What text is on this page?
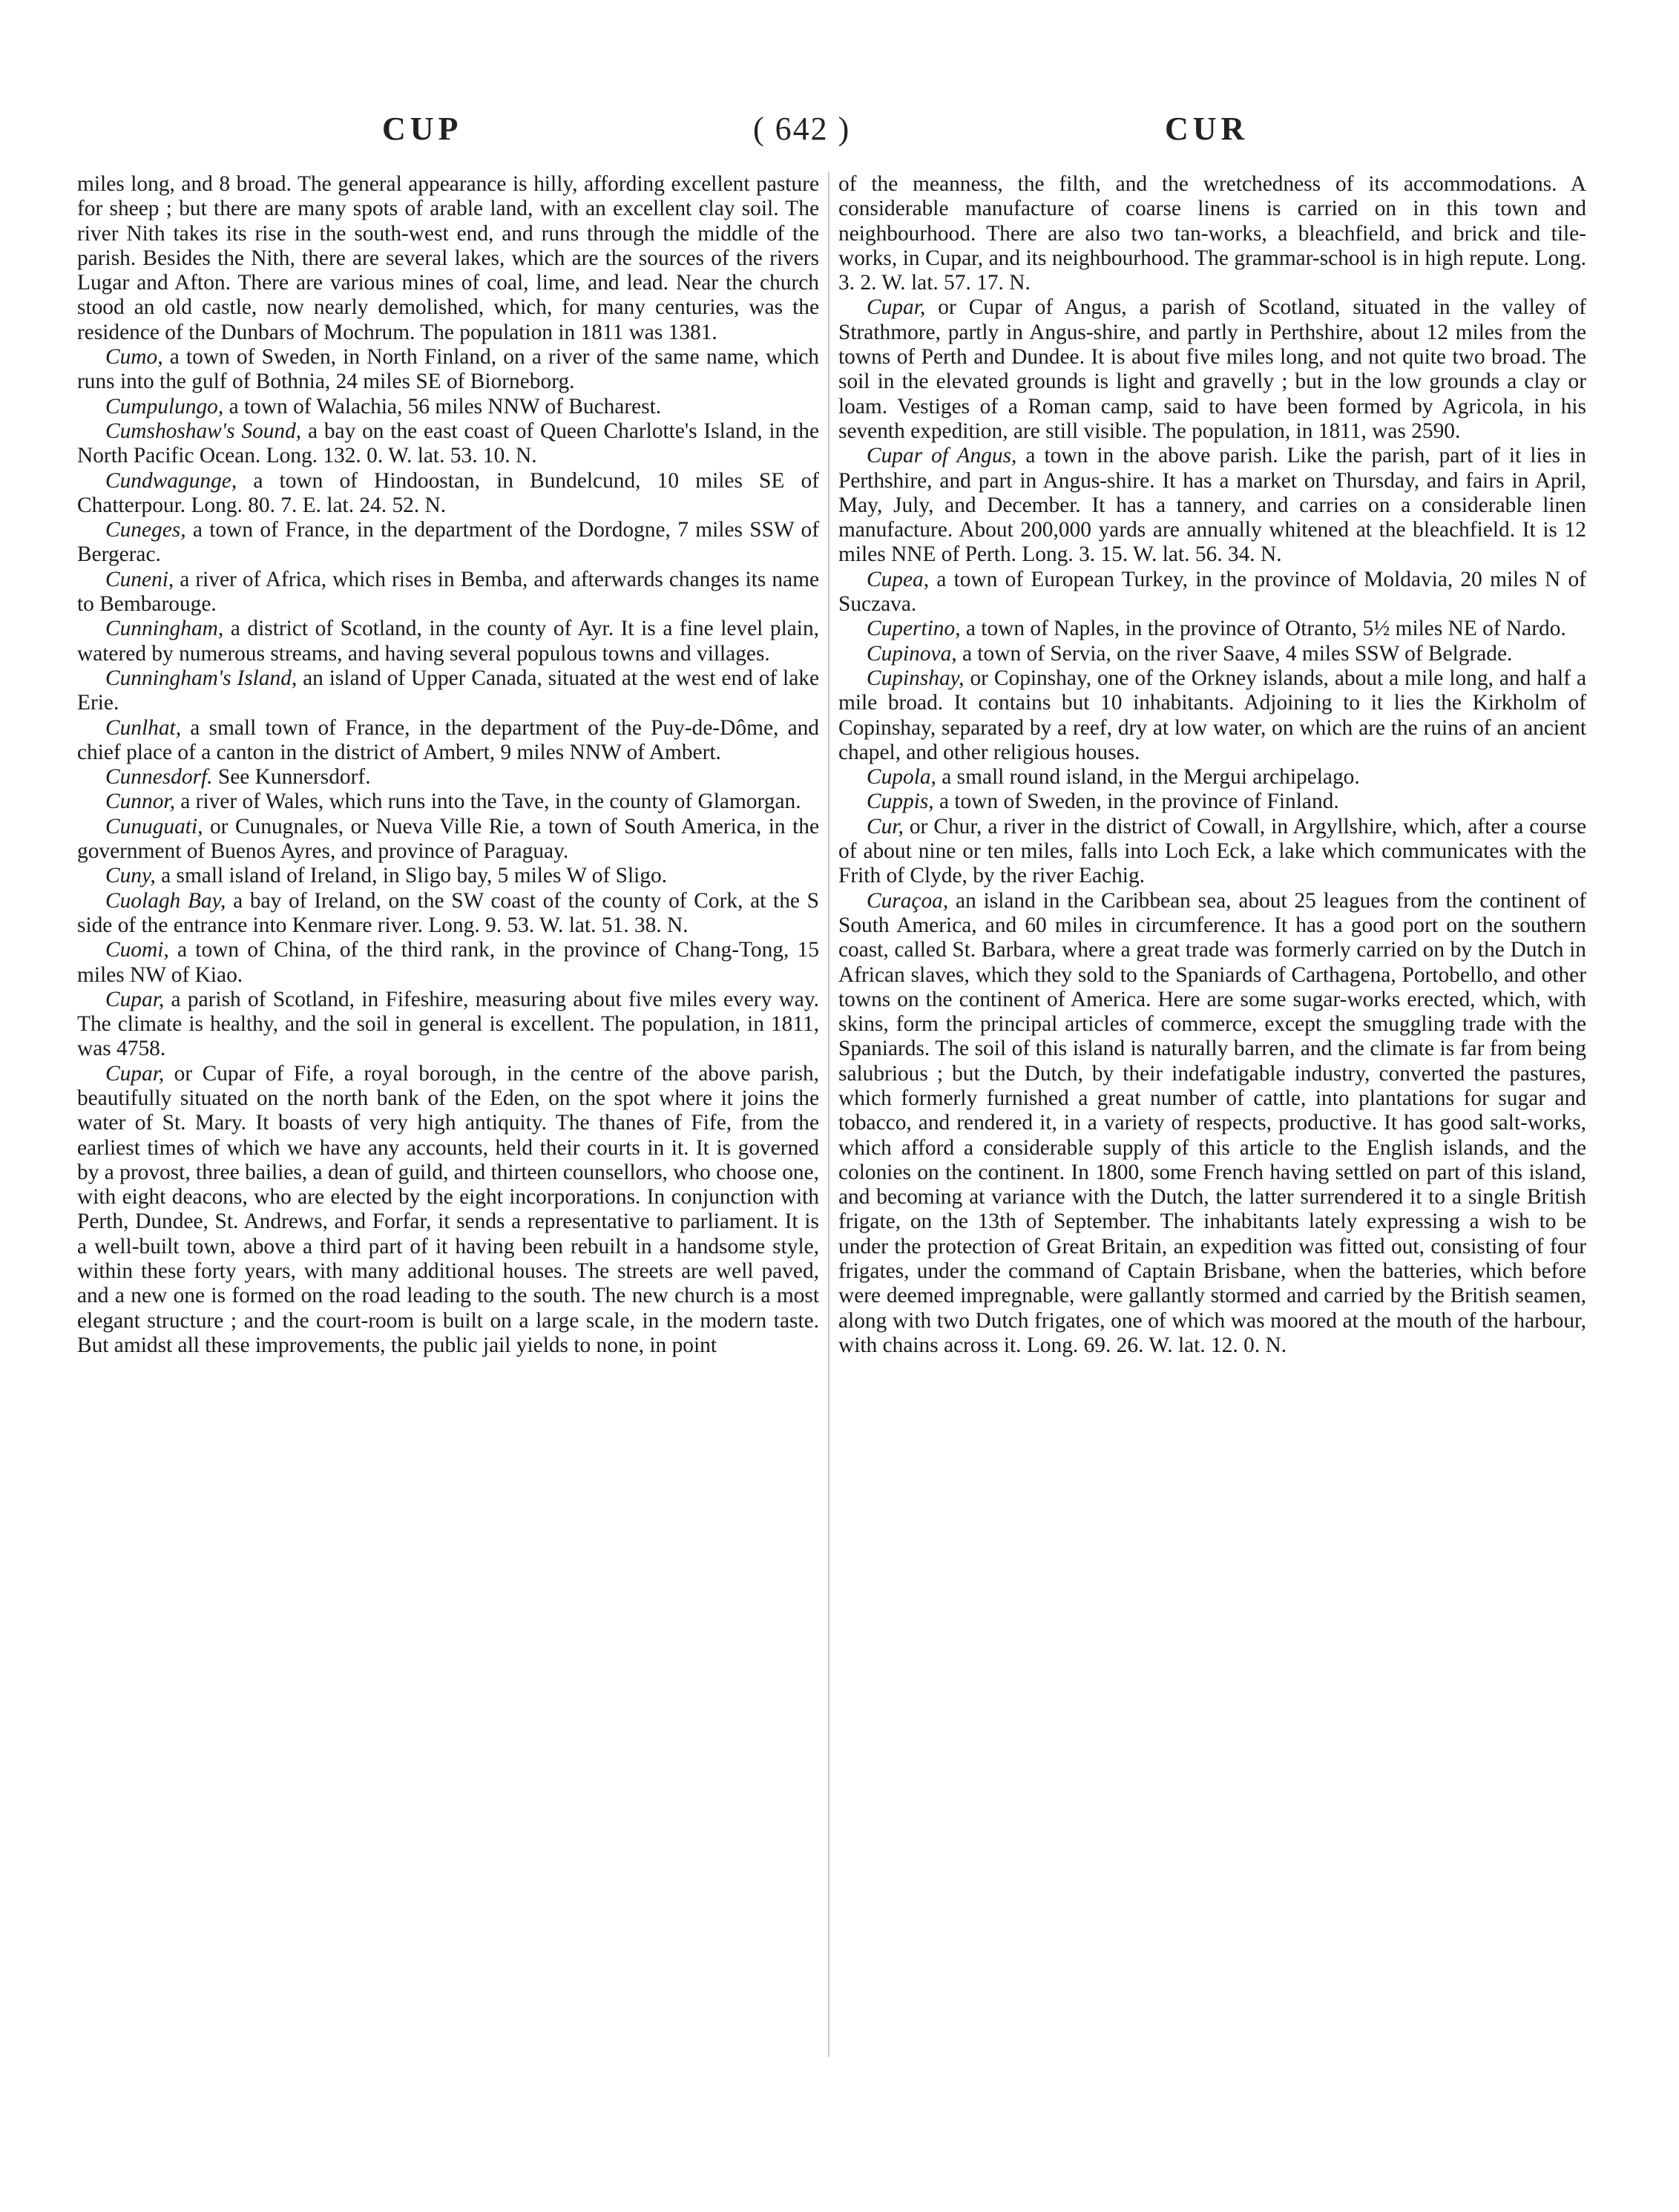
CUP	( 642 )	CUR

miles long, and 8 broad. The general appearance is hilly, affording excellent pasture for sheep ; but there are many spots of arable land, with an excellent clay soil. The river Nith takes its rise in the south-west end, and runs through the middle of the parish. Besides the Nith, there are several lakes, which are the sources of the rivers Lugar and Afton. There are various mines of coal, lime, and lead. Near the church stood an old castle, now nearly demolished, which, for many centuries, was the residence of the Dunbars of Mochrum. The population in 1811 was 1381.

Cumo, a town of Sweden, in North Finland, on a river of the same name, which runs into the gulf of Bothnia, 24 miles SE of Biorneborg.

Cumpulungo, a town of Walachia, 56 miles NNW of Bucharest.

Cumshoshaw's Sound, a bay on the east coast of Queen Charlotte's Island, in the North Pacific Ocean. Long. 132. 0. W. lat. 53. 10. N.

Cundwagunge, a town of Hindoostan, in Bundelcund, 10 miles SE of Chatterpour. Long. 80. 7. E. lat. 24. 52. N.

Cuneges, a town of France, in the department of the Dordogne, 7 miles SSW of Bergerac.

Cuneni, a river of Africa, which rises in Bemba, and afterwards changes its name to Bembarouge.

Cunningham, a district of Scotland, in the county of Ayr. It is a fine level plain, watered by numerous streams, and having several populous towns and villages.

Cunningham's Island, an island of Upper Canada, situated at the west end of lake Erie.

Cunlhat, a small town of France, in the department of the Puy-de-Dôme, and chief place of a canton in the district of Ambert, 9 miles NNW of Ambert.

Cunnesdorf. See Kunnersdorf.

Cunnor, a river of Wales, which runs into the Tave, in the county of Glamorgan.

Cunuguati, or Cunugnales, or Nueva Ville Rie, a town of South America, in the government of Buenos Ayres, and province of Paraguay.

Cuny, a small island of Ireland, in Sligo bay, 5 miles W of Sligo.

Cuolagh Bay, a bay of Ireland, on the SW coast of the county of Cork, at the S side of the entrance into Kenmare river. Long. 9. 53. W. lat. 51. 38. N.

Cuomi, a town of China, of the third rank, in the province of Chang-Tong, 15 miles NW of Kiao.

Cupar, a parish of Scotland, in Fifeshire, measuring about five miles every way. The climate is healthy, and the soil in general is excellent. The population, in 1811, was 4758.

Cupar, or Cupar of Fife, a royal borough, in the centre of the above parish, beautifully situated on the north bank of the Eden, on the spot where it joins the water of St. Mary. It boasts of very high antiquity. The thanes of Fife, from the earliest times of which we have any accounts, held their courts in it. It is governed by a provost, three bailies, a dean of guild, and thirteen counsellors, who choose one, with eight deacons, who are elected by the eight incorporations. In conjunction with Perth, Dundee, St. Andrews, and Forfar, it sends a representative to parliament. It is a well-built town, above a third part of it having been rebuilt in a handsome style, within these forty years, with many additional houses. The streets are well paved, and a new one is formed on the road leading to the south. The new church is a most elegant structure ; and the court-room is built on a large scale, in the modern taste. But amidst all these improvements, the public jail yields to none, in point

of the meanness, the filth, and the wretchedness of its accommodations. A considerable manufacture of coarse linens is carried on in this town and neighbourhood. There are also two tan-works, a bleachfield, and brick and tile-works, in Cupar, and its neighbourhood. The grammar-school is in high repute. Long. 3. 2. W. lat. 57. 17. N.

Cupar, or Cupar of Angus, a parish of Scotland, situated in the valley of Strathmore, partly in Angus-shire, and partly in Perthshire, about 12 miles from the towns of Perth and Dundee. It is about five miles long, and not quite two broad. The soil in the elevated grounds is light and gravelly ; but in the low grounds a clay or loam. Vestiges of a Roman camp, said to have been formed by Agricola, in his seventh expedition, are still visible. The population, in 1811, was 2590.

Cupar of Angus, a town in the above parish. Like the parish, part of it lies in Perthshire, and part in Angus-shire. It has a market on Thursday, and fairs in April, May, July, and December. It has a tannery, and carries on a considerable linen manufacture. About 200,000 yards are annually whitened at the bleachfield. It is 12 miles NNE of Perth. Long. 3. 15. W. lat. 56. 34. N.

Cupea, a town of European Turkey, in the province of Moldavia, 20 miles N of Suczava.

Cupertino, a town of Naples, in the province of Otranto, 5½ miles NE of Nardo.

Cupinova, a town of Servia, on the river Saave, 4 miles SSW of Belgrade.

Cupinshay, or Copinshay, one of the Orkney islands, about a mile long, and half a mile broad. It contains but 10 inhabitants. Adjoining to it lies the Kirkholm of Copinshay, separated by a reef, dry at low water, on which are the ruins of an ancient chapel, and other religious houses.

Cupola, a small round island, in the Mergui archipelago.

Cuppis, a town of Sweden, in the province of Finland.

Cur, or Chur, a river in the district of Cowall, in Argyllshire, which, after a course of about nine or ten miles, falls into Loch Eck, a lake which communicates with the Frith of Clyde, by the river Eachig.

Curaçoa, an island in the Caribbean sea, about 25 leagues from the continent of South America, and 60 miles in circumference. It has a good port on the southern coast, called St. Barbara, where a great trade was formerly carried on by the Dutch in African slaves, which they sold to the Spaniards of Carthagena, Portobello, and other towns on the continent of America. Here are some sugar-works erected, which, with skins, form the principal articles of commerce, except the smuggling trade with the Spaniards. The soil of this island is naturally barren, and the climate is far from being salubrious ; but the Dutch, by their indefatigable industry, converted the pastures, which formerly furnished a great number of cattle, into plantations for sugar and tobacco, and rendered it, in a variety of respects, productive. It has good salt-works, which afford a considerable supply of this article to the English islands, and the colonies on the continent. In 1800, some French having settled on part of this island, and becoming at variance with the Dutch, the latter surrendered it to a single British frigate, on the 13th of September. The inhabitants lately expressing a wish to be under the protection of Great Britain, an expedition was fitted out, consisting of four frigates, under the command of Captain Brisbane, when the batteries, which before were deemed impregnable, were gallantly stormed and carried by the British seamen, along with two Dutch frigates, one of which was moored at the mouth of the harbour, with chains across it. Long. 69. 26. W. lat. 12. 0. N.
